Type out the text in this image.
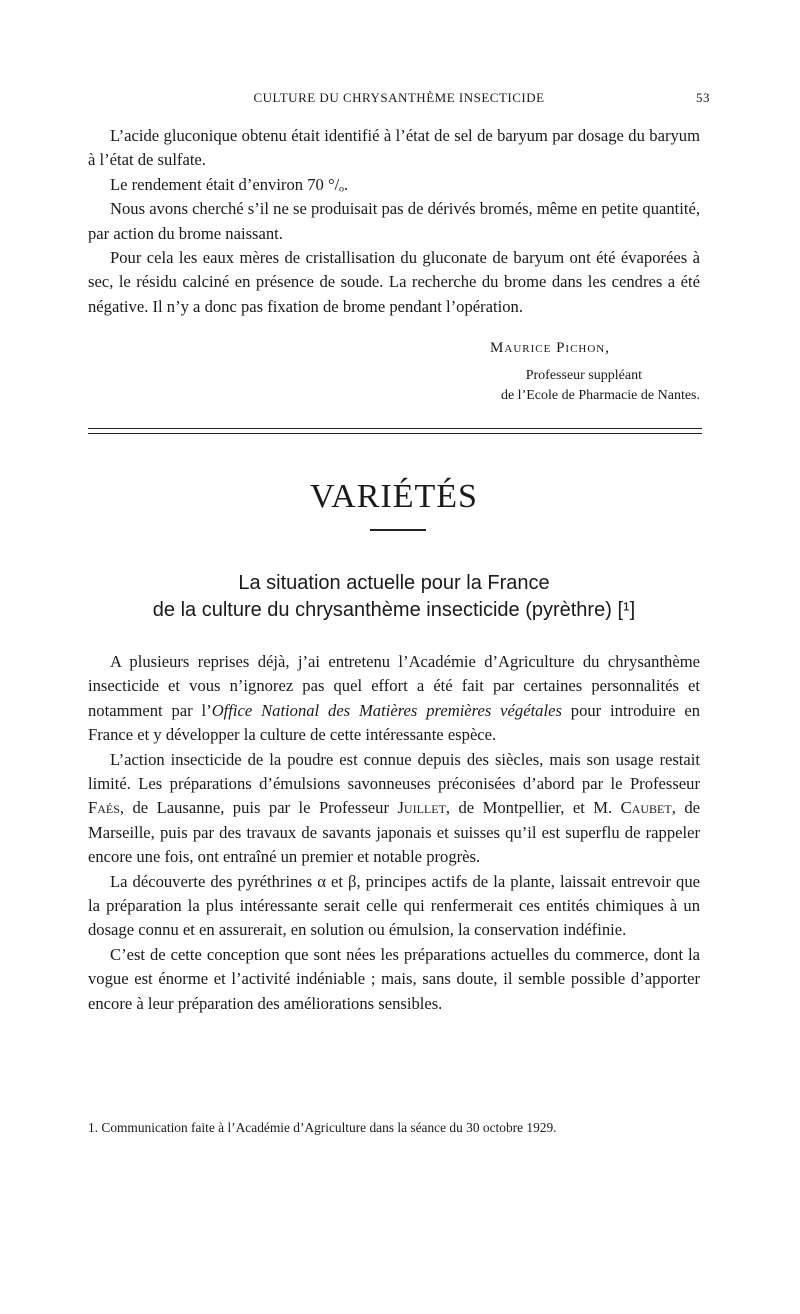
CULTURE DU CHRYSANTHÈME INSECTICIDE	53

L’acide gluconique obtenu était identifié à l’état de sel de baryum par dosage du baryum à l’état de sulfate.

Le rendement était d’environ 70 °/ₒ.

Nous avons cherché s’il ne se produisait pas de dérivés bromés, même en petite quantité, par action du brome naissant.

Pour cela les eaux mères de cristallisation du gluconate de baryum ont été évaporées à sec, le résidu calciné en présence de soude. La recherche du brome dans les cendres a été négative. Il n’y a donc pas fixation de brome pendant l’opération.

Maurice Pichon,
Professeur suppléant
de l’Ecole de Pharmacie de Nantes.
VARIÉTÉS
La situation actuelle pour la France
de la culture du chrysanthème insecticide (pyrèthre) [¹]

A plusieurs reprises déjà, j’ai entretenu l’Académie d’Agriculture du chrysanthème insecticide et vous n’ignorez pas quel effort a été fait par certaines personnalités et notamment par l’Office National des Matières premières végétales pour introduire en France et y développer la culture de cette intéressante espèce.

L’action insecticide de la poudre est connue depuis des siècles, mais son usage restait limité. Les préparations d’émulsions savonneuses préconisées d’abord par le Professeur Faés, de Lausanne, puis par le Professeur Juillet, de Montpellier, et M. Caubet, de Marseille, puis par des travaux de savants japonais et suisses qu’il est superflu de rappeler encore une fois, ont entraîné un premier et notable progrès.

La découverte des pyréthrines α et β, principes actifs de la plante, laissait entrevoir que la préparation la plus intéressante serait celle qui renfermerait ces entités chimiques à un dosage connu et en assurerait, en solution ou émulsion, la conservation indéfinie.

C’est de cette conception que sont nées les préparations actuelles du commerce, dont la vogue est énorme et l’activité indéniable ; mais, sans doute, il semble possible d’apporter encore à leur préparation des améliorations sensibles.

1. Communication faite à l’Académie d’Agriculture dans la séance du 30 octobre 1929.
